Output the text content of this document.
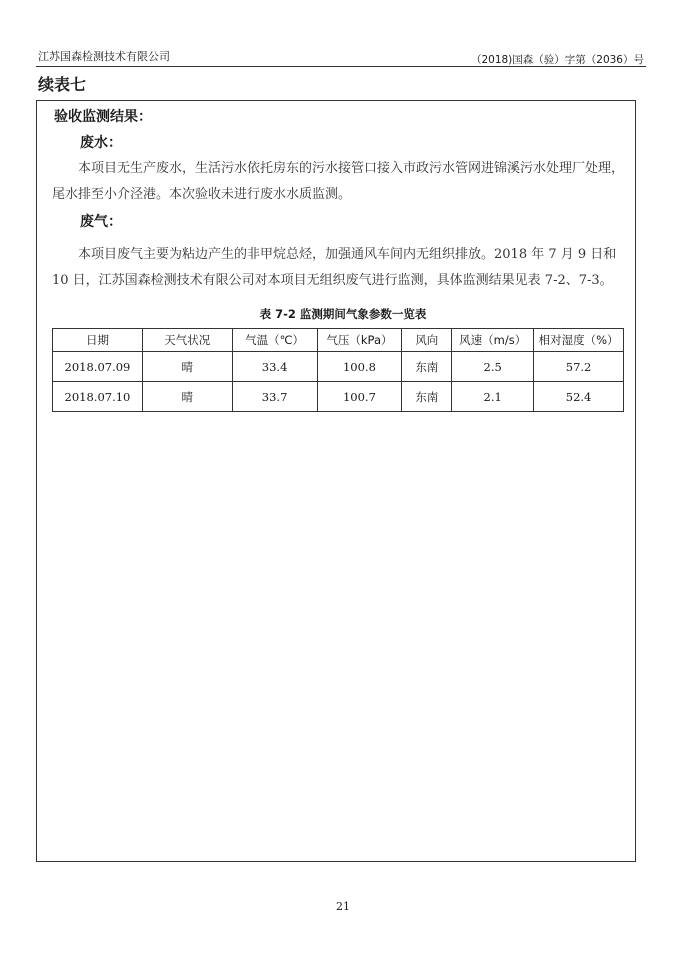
江苏国森检测技术有限公司	（2018)国森（验）字第（2036）号
续表七
验收监测结果：
废水：
本项目无生产废水，生活污水依托房东的污水接管口接入市政污水管网进锦溪污水处理厂处理，尾水排至小介泾港。本次验收未进行废水水质监测。
废气：
本项目废气主要为粘边产生的非甲烷总烃，加强通风车间内无组织排放。2018 年 7 月 9 日和 10 日，江苏国森检测技术有限公司对本项目无组织废气进行监测，具体监测结果见表 7-2、7-3。
表 7-2 监测期间气象参数一览表
日期	天气状况	气温（℃）	气压（kPa）	风向	风速（m/s）	相对湿度（%）
2018.07.09	晴	33.4	100.8	东南	2.5	57.2
2018.07.10	晴	33.7	100.7	东南	2.1	52.4
21
